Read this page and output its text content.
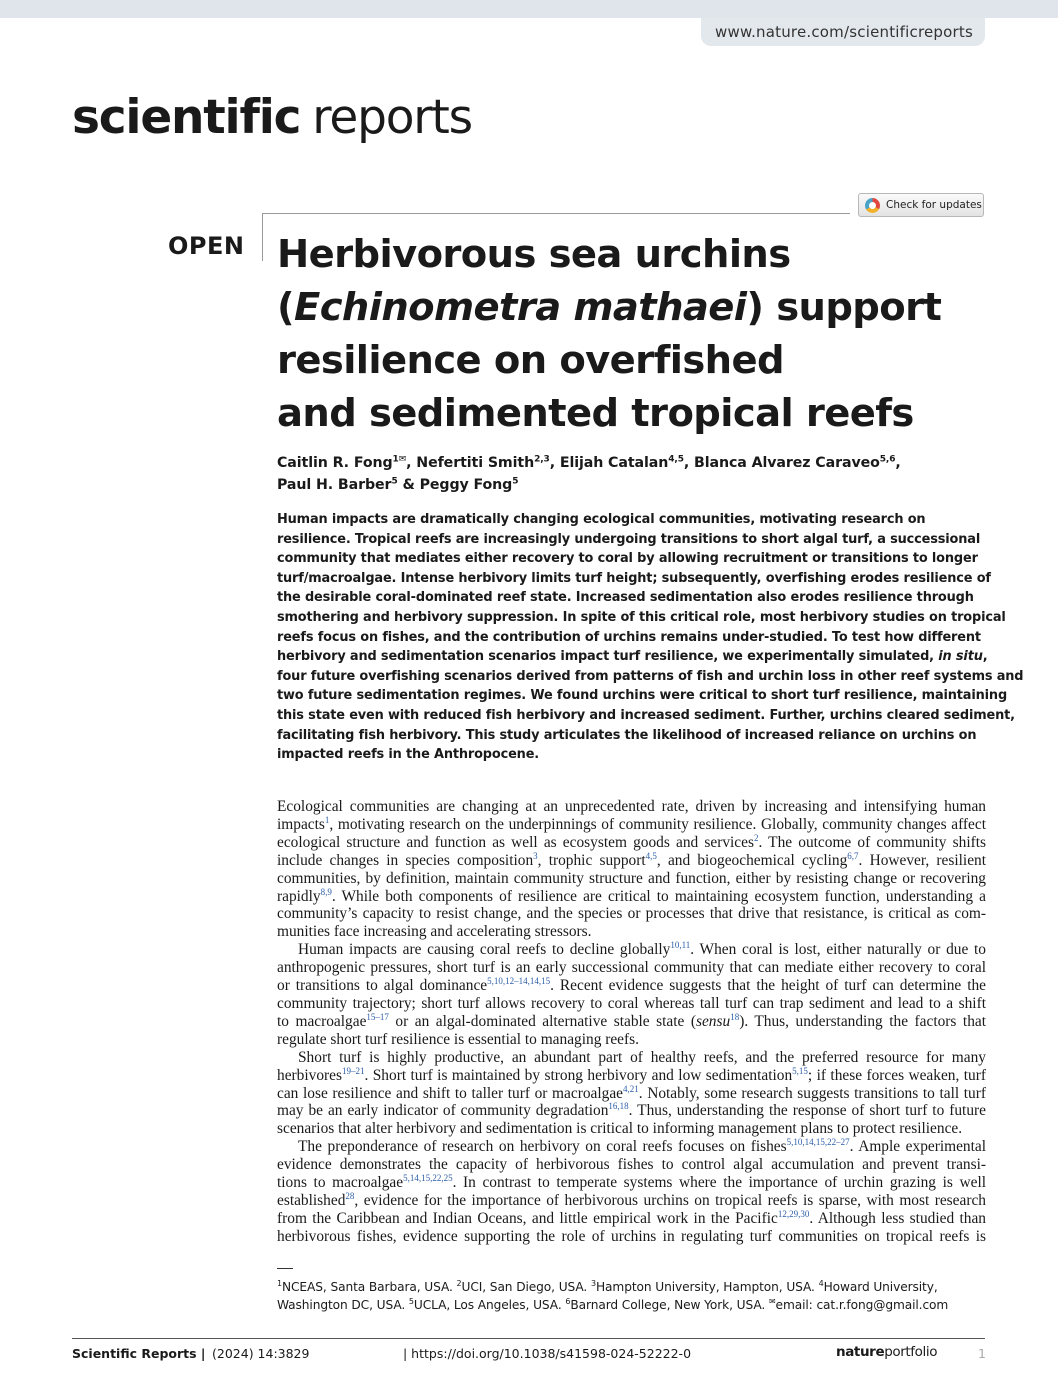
www.nature.com/scientificreports
scientific reports
Check for updates
OPEN Herbivorous sea urchins
(Echinometra mathaei) support
resilience on overfished
and sedimented tropical reefs
Caitlin R. Fong$^{1✉}$, Nefertiti Smith$^{2,3}$, Elijah Catalan$^{4,5}$, Blanca Alvarez Caraveo$^{5,6}$,
Paul H. Barber$^5$ & Peggy Fong$^5$
Human impacts are dramatically changing ecological communities, motivating research on
resilience. Tropical reefs are increasingly undergoing transitions to short algal turf, a successional
community that mediates either recovery to coral by allowing recruitment or transitions to longer
turf/macroalgae. Intense herbivory limits turf height; subsequently, overfishing erodes resilience of
the desirable coral-dominated reef state. Increased sedimentation also erodes resilience through
smothering and herbivory suppression. In spite of this critical role, most herbivory studies on tropical
reefs focus on fishes, and the contribution of urchins remains under-studied. To test how different
herbivory and sedimentation scenarios impact turf resilience, we experimentally simulated, in situ,
four future overfishing scenarios derived from patterns of fish and urchin loss in other reef systems and
two future sedimentation regimes. We found urchins were critical to short turf resilience, maintaining
this state even with reduced fish herbivory and increased sediment. Further, urchins cleared sediment,
facilitating fish herbivory. This study articulates the likelihood of increased reliance on urchins on
impacted reefs in the Anthropocene.
Ecological communities are changing at an unprecedented rate, driven by increasing and intensifying human
impacts$^1$, motivating research on the underpinnings of community resilience. Globally, community changes affect
ecological structure and function as well as ecosystem goods and services$^2$. The outcome of community shifts
include changes in species composition$^3$, trophic support$^{4,5}$, and biogeochemical cycling$^{6,7}$. However, resilient
communities, by definition, maintain community structure and function, either by resisting change or recovering
rapidly$^{8,9}$. While both components of resilience are critical to maintaining ecosystem function, understanding a
community’s capacity to resist change, and the species or processes that drive that resistance, is critical as com-
munities face increasing and accelerating stressors.
Human impacts are causing coral reefs to decline globally$^{10,11}$. When coral is lost, either naturally or due to
anthropogenic pressures, short turf is an early successional community that can mediate either recovery to coral
or transitions to algal dominance$^{5,10,12-14,14,15}$. Recent evidence suggests that the height of turf can determine the
community trajectory; short turf allows recovery to coral whereas tall turf can trap sediment and lead to a shift
to macroalgae$^{15-17}$ or an algal-dominated alternative stable state (sensu$^{18}$). Thus, understanding the factors that
regulate short turf resilience is essential to managing reefs.
Short turf is highly productive, an abundant part of healthy reefs, and the preferred resource for many
herbivores$^{19-21}$. Short turf is maintained by strong herbivory and low sedimentation$^{5,15}$; if these forces weaken, turf
can lose resilience and shift to taller turf or macroalgae$^{4,21}$. Notably, some research suggests transitions to tall turf
may be an early indicator of community degradation$^{16,18}$. Thus, understanding the response of short turf to future
scenarios that alter herbivory and sedimentation is critical to informing management plans to protect resilience.
The preponderance of research on herbivory on coral reefs focuses on fishes$^{5,10,14,15,22-27}$. Ample experimental
evidence demonstrates the capacity of herbivorous fishes to control algal accumulation and prevent transi-
tions to macroalgae$^{5,14,15,22,25}$. In contrast to temperate systems where the importance of urchin grazing is well
established$^{28}$, evidence for the importance of herbivorous urchins on tropical reefs is sparse, with most research
from the Caribbean and Indian Oceans, and little empirical work in the Pacific$^{12,29,30}$. Although less studied than
herbivorous fishes, evidence supporting the role of urchins in regulating turf communities on tropical reefs is
$^1$NCEAS, Santa Barbara, USA. $^2$UCI, San Diego, USA. $^3$Hampton University, Hampton, USA. $^4$Howard University,
Washington DC, USA. $^5$UCLA, Los Angeles, USA. $^6$Barnard College, New York, USA. ✉email: cat.r.fong@gmail.com
Scientific Reports | (2024) 14:3829	| https://doi.org/10.1038/s41598-024-52222-0	natureportfolio	1
